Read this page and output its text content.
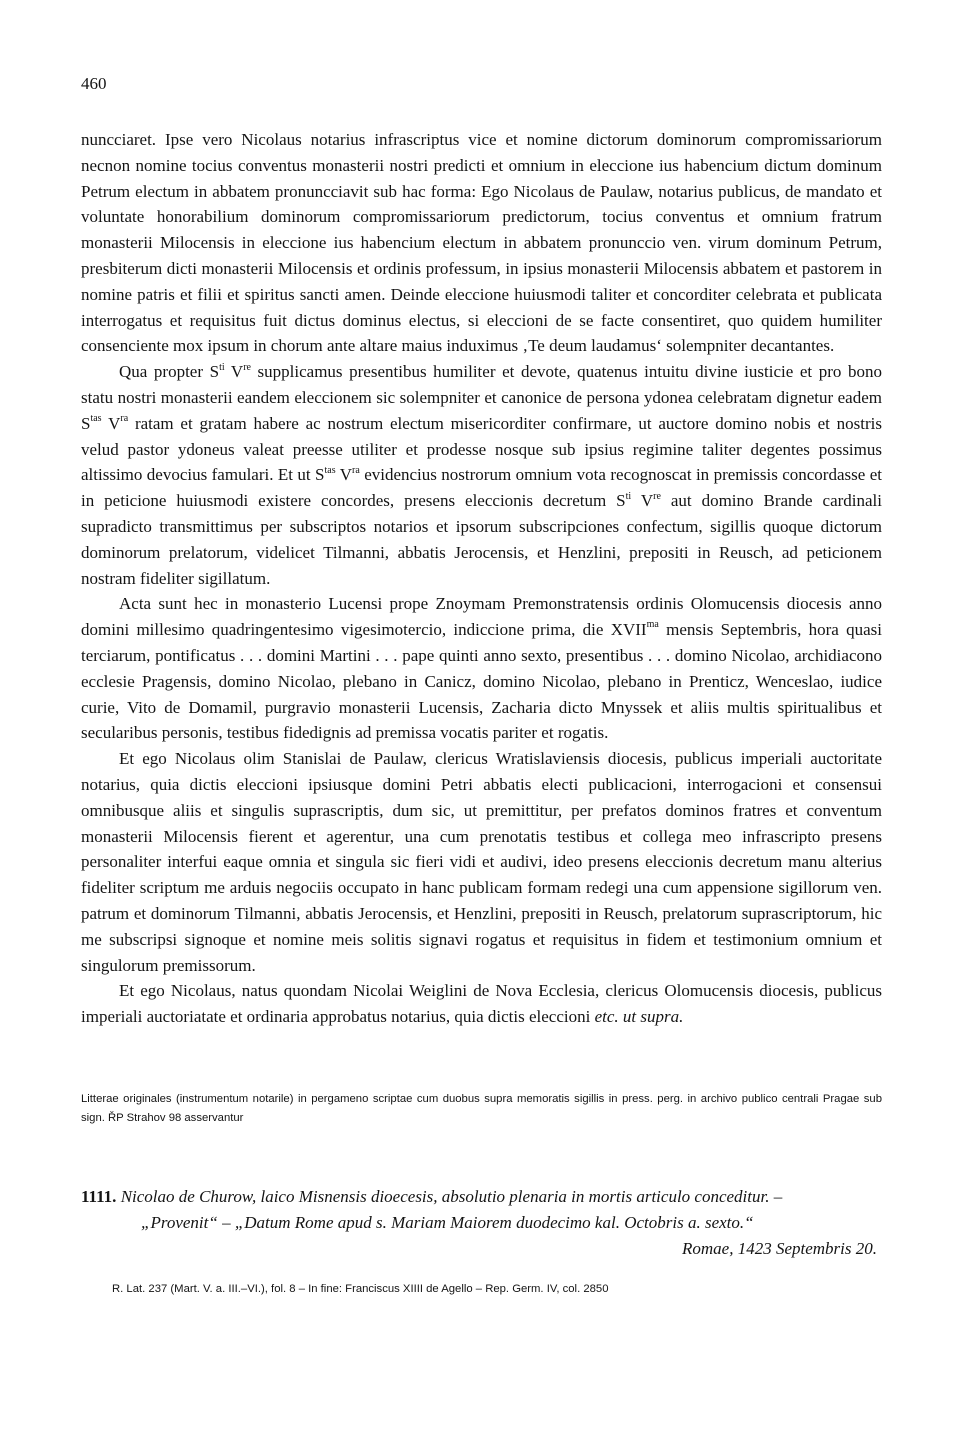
460

nuncciaret. Ipse vero Nicolaus notarius infrascriptus vice et nomine dictorum dominorum compromissariorum necnon nomine tocius conventus monasterii nostri predicti et omnium in eleccione ius habencium dictum dominum Petrum electum in abbatem pronuncciavit sub hac forma: Ego Nicolaus de Paulaw, notarius publicus, de mandato et voluntate honorabilium dominorum compromissariorum predictorum, tocius conventus et omnium fratrum monasterii Milocensis in eleccione ius habencium electum in abbatem pronunccio ven. virum dominum Petrum, presbiterum dicti monasterii Milocensis et ordinis professum, in ipsius monasterii Milocensis abbatem et pastorem in nomine patris et filii et spiritus sancti amen. Deinde eleccione huiusmodi taliter et concorditer celebrata et publicata interrogatus et requisitus fuit dictus dominus electus, si eleccioni de se facte consentiret, quo quidem humiliter consenciente mox ipsum in chorum ante altare maius induximus ‚Te deum laudamus‘ solempniter decantantes.

Qua propter $S^{ti}$ Vre supplicamus presentibus humiliter et devote, quatenus intuitu divine iusticie et pro bono statu nostri monasterii eandem eleccionem sic solempniter et canonice de persona ydonea celebratam dignetur eadem $S^{tas}$ $V^{ra}$ ratam et gratam habere ac nostrum electum misericorditer confirmare, ut auctore domino nobis et nostris velud pastor ydoneus valeat preesse utiliter et prodesse nosque sub ipsius regimine taliter degentes possimus altissimo devocius famulari. Et ut $S^{tas}$ $V^{ra}$ evidencius nostrorum omnium vota recognoscat in premissis concordasse et in peticione huiusmodi existere concordes, presens eleccionis decretum $S^{ti}$ Vre aut domino Brande cardinali supradicto transmittimus per subscriptos notarios et ipsorum subscripciones confectum, sigillis quoque dictorum dominorum prelatorum, videlicet Tilmanni, abbatis Jerocensis, et Henzlini, prepositi in Reusch, ad peticionem nostram fideliter sigillatum.

Acta sunt hec in monasterio Lucensi prope Znoymam Premonstratensis ordinis Olomucensis diocesis anno domini millesimo quadringentesimo vigesimotercio, indiccione prima, die $XVII^{ma}$ mensis Septembris, hora quasi terciarum, pontificatus . . . domini Martini . . . pape quinti anno sexto, presentibus . . . domino Nicolao, archidiacono ecclesie Pragensis, domino Nicolao, plebano in Canicz, domino Nicolao, plebano in Prenticz, Wenceslao, iudice curie, Vito de Domamil, purgravio monasterii Lucensis, Zacharia dicto Mnyssek et aliis multis spiritualibus et secularibus personis, testibus fidedignis ad premissa vocatis pariter et rogatis.

Et ego Nicolaus olim Stanislai de Paulaw, clericus Wratislaviensis diocesis, publicus imperiali auctoritate notarius, quia dictis eleccioni ipsiusque domini Petri abbatis electi publicacioni, interrogacioni et consensui omnibusque aliis et singulis suprascriptis, dum sic, ut premittitur, per prefatos dominos fratres et conventum monasterii Milocensis fierent et agerentur, una cum prenotatis testibus et collega meo infrascripto presens personaliter interfui eaque omnia et singula sic fieri vidi et audivi, ideo presens eleccionis decretum manu alterius fideliter scriptum me arduis negociis occupato in hanc publicam formam redegi una cum appensione sigillorum ven. patrum et dominorum Tilmanni, abbatis Jerocensis, et Henzlini, prepositi in Reusch, prelatorum suprascriptorum, hic me subscripsi signoque et nomine meis solitis signavi rogatus et requisitus in fidem et testimonium omnium et singulorum premissorum.

Et ego Nicolaus, natus quondam Nicolai Weiglini de Nova Ecclesia, clericus Olomucensis diocesis, publicus imperiali auctoriatate et ordinaria approbatus notarius, quia dictis eleccioni etc. ut supra.

Litterae originales (instrumentum notarile) in pergameno scriptae cum duobus supra memoratis sigillis in press. perg. in archivo publico centrali Pragae sub sign. ŘP Strahov 98 asservantur

1111. Nicolao de Churow, laico Misnensis dioecesis, absolutio plenaria in mortis articulo conceditur. –

„Provenit“ – „Datum Rome apud s. Mariam Maiorem duodecimo kal. Octobris a. sexto.“

Romae, 1423 Septembris 20.

R. Lat. 237 (Mart. V. a. III.–VI.), fol. 8 – In fine: Franciscus XIIII de Agello – Rep. Germ. IV, col. 2850
